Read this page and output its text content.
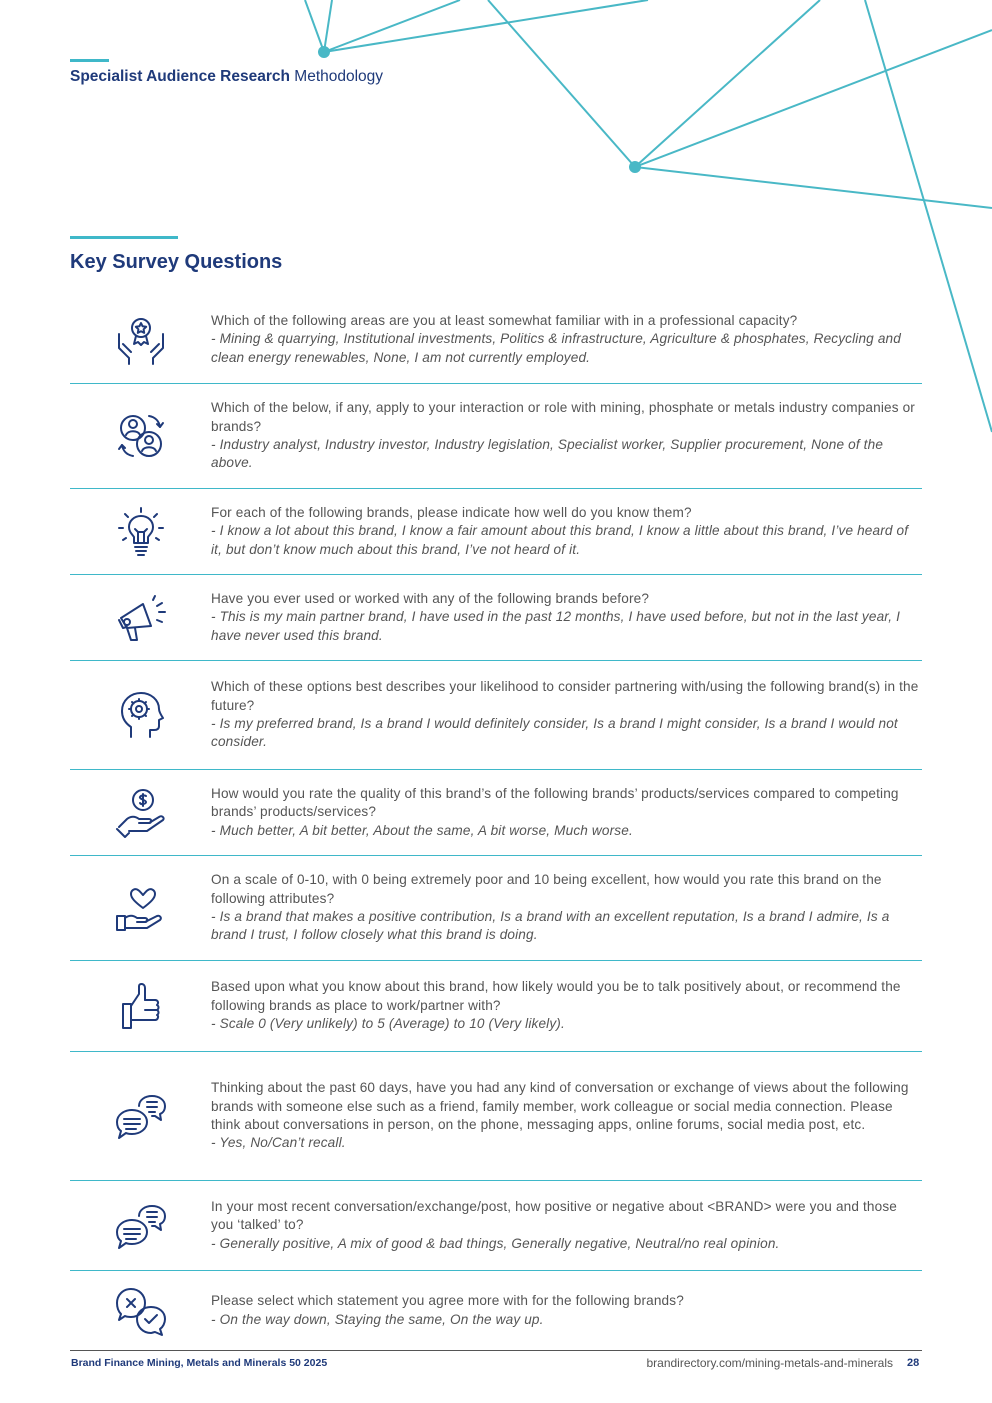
Specialist Audience Research Methodology
Key Survey Questions
Which of the following areas are you at least somewhat familiar with in a professional capacity?
- Mining & quarrying, Institutional investments, Politics & infrastructure, Agriculture & phosphates, Recycling and clean energy renewables, None, I am not currently employed.
Which of the below, if any, apply to your interaction or role with mining, phosphate or metals industry companies or brands?
- Industry analyst, Industry investor, Industry legislation, Specialist worker, Supplier procurement, None of the above.
For each of the following brands, please indicate how well do you know them?
- I know a lot about this brand, I know a fair amount about this brand, I know a little about this brand, I’ve heard of it, but don’t know much about this brand, I’ve not heard of it.
Have you ever used or worked with any of the following brands before?
- This is my main partner brand, I have used in the past 12 months, I have used before, but not in the last year, I have never used this brand.
Which of these options best describes your likelihood to consider partnering with/using the following brand(s) in the future?
- Is my preferred brand, Is a brand I would definitely consider, Is a brand I might consider, Is a brand I would not consider.
How would you rate the quality of this brand’s of the following brands’ products/services compared to competing brands’ products/services?
- Much better, A bit better, About the same, A bit worse, Much worse.
On a scale of 0-10, with 0 being extremely poor and 10 being excellent, how would you rate this brand on the following attributes?
- Is a brand that makes a positive contribution, Is a brand with an excellent reputation, Is a brand I admire, Is a brand I trust, I follow closely what this brand is doing.
Based upon what you know about this brand, how likely would you be to talk positively about, or recommend the following brands as place to work/partner with?
- Scale 0 (Very unlikely) to 5 (Average) to 10 (Very likely).
Thinking about the past 60 days, have you had any kind of conversation or exchange of views about the following brands with someone else such as a friend, family member, work colleague or social media connection. Please think about conversations in person, on the phone, messaging apps, online forums, social media post, etc.
- Yes, No/Can’t recall.
In your most recent conversation/exchange/post, how positive or negative about <BRAND> were you and those you ‘talked’ to?
- Generally positive, A mix of good & bad things, Generally negative, Neutral/no real opinion.
Please select which statement you agree more with for the following brands?
- On the way down, Staying the same, On the way up.
Brand Finance Mining, Metals and Minerals 50 2025	brandirectory.com/mining-metals-and-minerals 28
